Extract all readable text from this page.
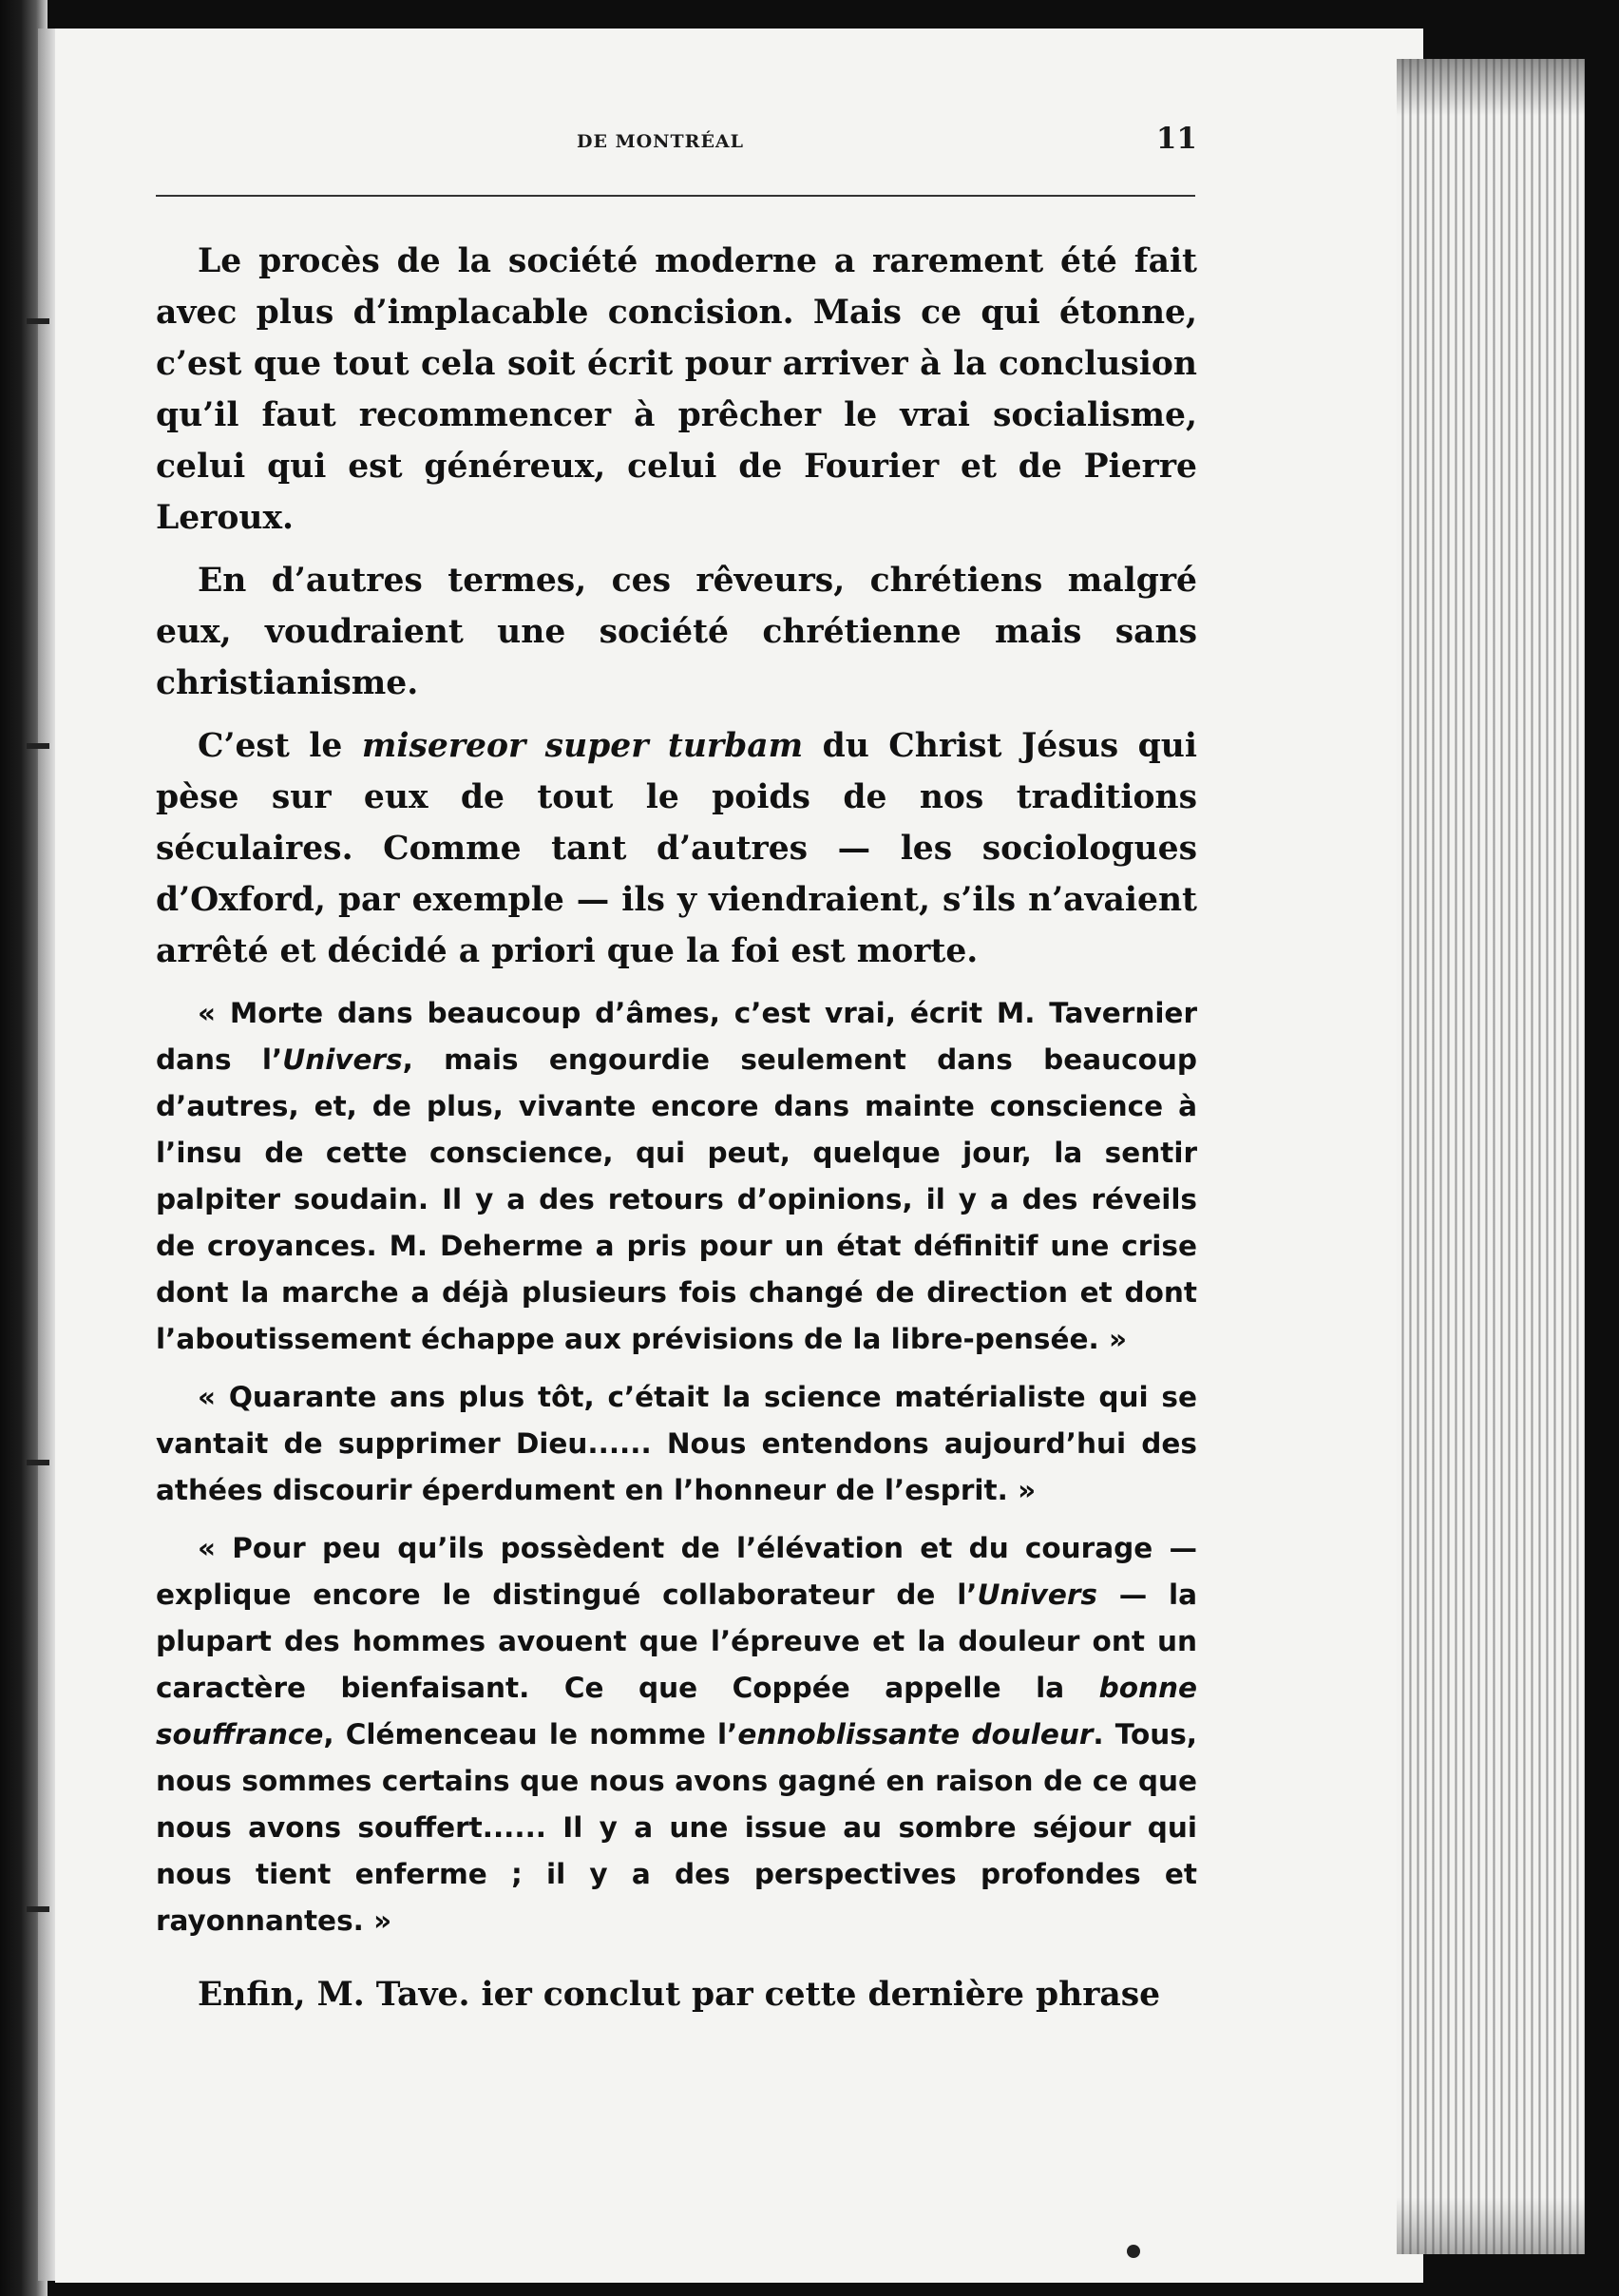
DE MONTRÉAL	11

Le procès de la société moderne a rarement été fait avec plus d’implacable concision. Mais ce qui étonne, c’est que tout cela soit écrit pour arriver à la conclusion qu’il faut recommencer à prêcher le vrai socialisme, celui qui est généreux, celui de Fourier et de Pierre Leroux.

En d’autres termes, ces rêveurs, chrétiens malgré eux, voudraient une société chrétienne mais sans christianisme.

C’est le misereor super turbam du Christ Jésus qui pèse sur eux de tout le poids de nos traditions séculaires. Comme tant d’autres — les sociologues d’Oxford, par exemple — ils y viendraient, s’ils n’avaient arrêté et décidé a priori que la foi est morte.

« Morte dans beaucoup d’âmes, c’est vrai, écrit M. Tavernier dans l’Univers, mais engourdie seulement dans beaucoup d’autres, et, de plus, vivante encore dans mainte conscience à l’insu de cette conscience, qui peut, quelque jour, la sentir palpiter soudain. Il y a des retours d’opinions, il y a des réveils de croyances. M. Deherme a pris pour un état définitif une crise dont la marche a déjà plusieurs fois changé de direction et dont l’aboutissement échappe aux prévisions de la libre-pensée. »

« Quarante ans plus tôt, c’était la science matérialiste qui se vantait de supprimer Dieu...... Nous entendons aujourd’hui des athées discourir éperdument en l’honneur de l’esprit. »

« Pour peu qu’ils possèdent de l’élévation et du courage — explique encore le distingué collaborateur de l’Univers — la plupart des hommes avouent que l’épreuve et la douleur ont un caractère bienfaisant. Ce que Coppée appelle la bonne souffrance, Clémenceau le nomme l’ennoblissante douleur. Tous, nous sommes certains que nous avons gagné en raison de ce que nous avons souffert...... Il y a une issue au sombre séjour qui nous tient enferme ; il y a des perspectives profondes et rayonnantes. »

Enfin, M. Tave. ier conclut par cette dernière phrase
